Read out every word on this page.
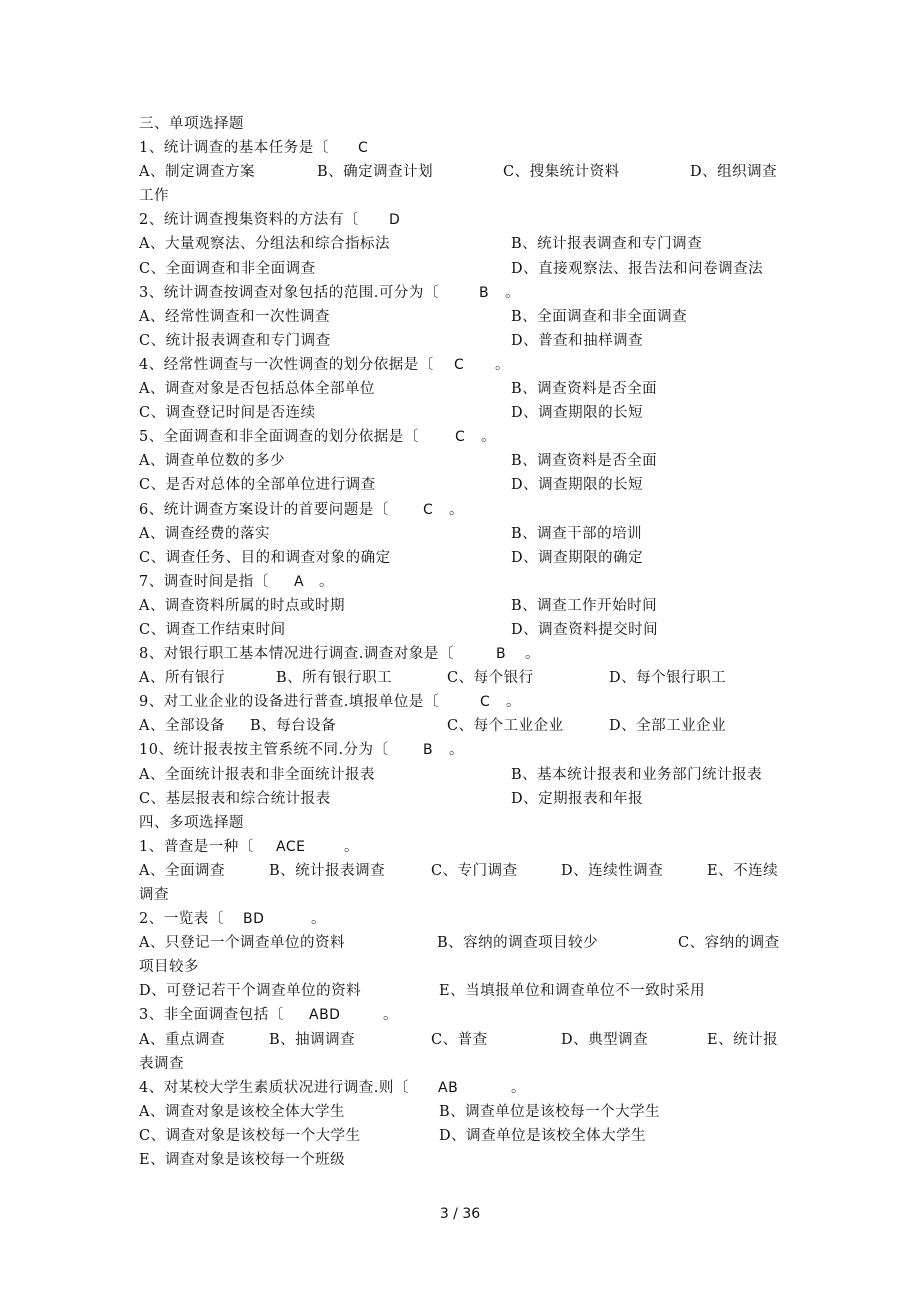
三、单项选择题
1、统计调查的基本任务是〔 C
A、制定调查方案	B、确定调查计划	C、搜集统计资料	D、组织调查
工作
2、统计调查搜集资料的方法有〔 D
A、大量观察法、分组法和综合指标法	B、统计报表调查和专门调查
C、全面调查和非全面调查	D、直接观察法、报告法和问卷调查法
3、统计调查按调查对象包括的范围.可分为〔	B 。
A、经常性调查和一次性调查	B、全面调查和非全面调查
C、统计报表调查和专门调查	D、普查和抽样调查
4、经常性调查与一次性调查的划分依据是〔 C 。
A、调查对象是否包括总体全部单位	B、调查资料是否全面
C、调查登记时间是否连续	D、调查期限的长短
5、全面调查和非全面调查的划分依据是〔	C 。
A、调查单位数的多少	B、调查资料是否全面
C、是否对总体的全部单位进行调查	D、调查期限的长短
6、统计调查方案设计的首要问题是〔 C 。
A、调查经费的落实	B、调查干部的培训
C、调查任务、目的和调查对象的确定	D、调查期限的确定
7、调查时间是指〔 A 。
A、调查资料所属的时点或时期	B、调查工作开始时间
C、调查工作结束时间	D、调查资料提交时间
8、对银行职工基本情况进行调查.调查对象是〔	B 。
A、所有银行	B、所有银行职工	C、每个银行	D、每个银行职工
9、对工业企业的设备进行普查.填报单位是〔	C 。
A、全部设备 B、每台设备	C、每个工业企业	D、全部工业企业
10、统计报表按主管系统不同.分为〔 B 。
A、全面统计报表和非全面统计报表	B、基本统计报表和业务部门统计报表
C、基层报表和综合统计报表	D、定期报表和年报
四、多项选择题
1、普查是一种〔 ACE	。
A、全面调查	B、统计报表调查	C、专门调查	D、连续性调查	E、不连续
调查
2、一览表〔 BD	。
A、只登记一个调查单位的资料	B、容纳的调查项目较少	C、容纳的调查
项目较多
D、可登记若干个调查单位的资料	E、当填报单位和调查单位不一致时采用
3、非全面调查包括〔 ABD	。
A、重点调查	B、抽调调查	C、普查	D、典型调查	E、统计报
表调查
4、对某校大学生素质状况进行调查.则〔 AB	。
A、调查对象是该校全体大学生	B、调查单位是该校每一个大学生
C、调查对象是该校每一个大学生	D、调查单位是该校全体大学生
E、调查对象是该校每一个班级
3 / 36
